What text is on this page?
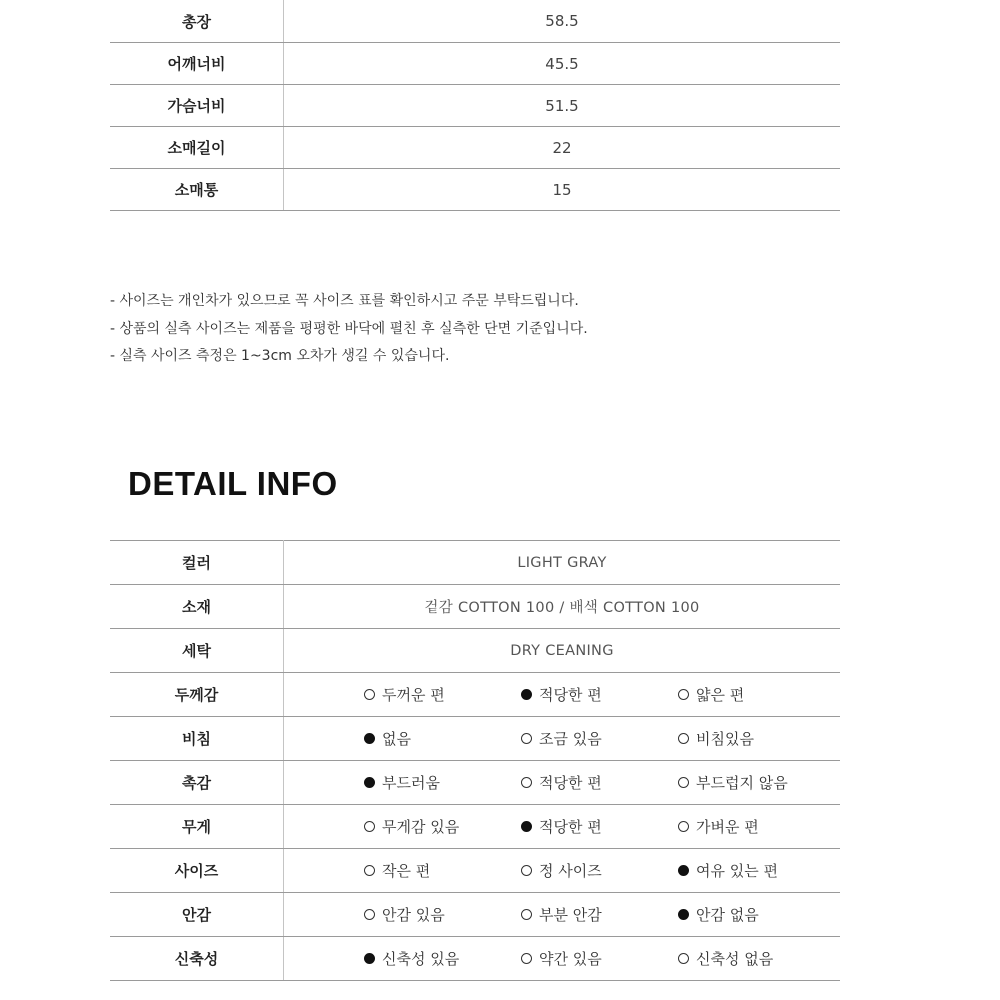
총장	58.5
어깨너비	45.5
가슴너비	51.5
소매길이	22
소매통	15
- 사이즈는 개인차가 있으므로 꼭 사이즈 표를 확인하시고 주문 부탁드립니다.
- 상품의 실측 사이즈는 제품을 평평한 바닥에 펼친 후 실측한 단면 기준입니다.
- 실측 사이즈 측정은 1~3cm 오차가 생길 수 있습니다.
DETAIL INFO
컬러	LIGHT GRAY
소재	겉감 COTTON 100 / 배색 COTTON 100
세탁	DRY CEANING
두께감	두꺼운 편 적당한 편 얇은 편

비침	없음 조금 있음 비침있음

촉감	부드러움 적당한 편 부드럽지 않음

무게	무게감 있음 적당한 편 가벼운 편

사이즈	작은 편 정 사이즈 여유 있는 편

안감	안감 있음 부분 안감 안감 없음

신축성	신축성 있음 약간 있음 신축성 없음
